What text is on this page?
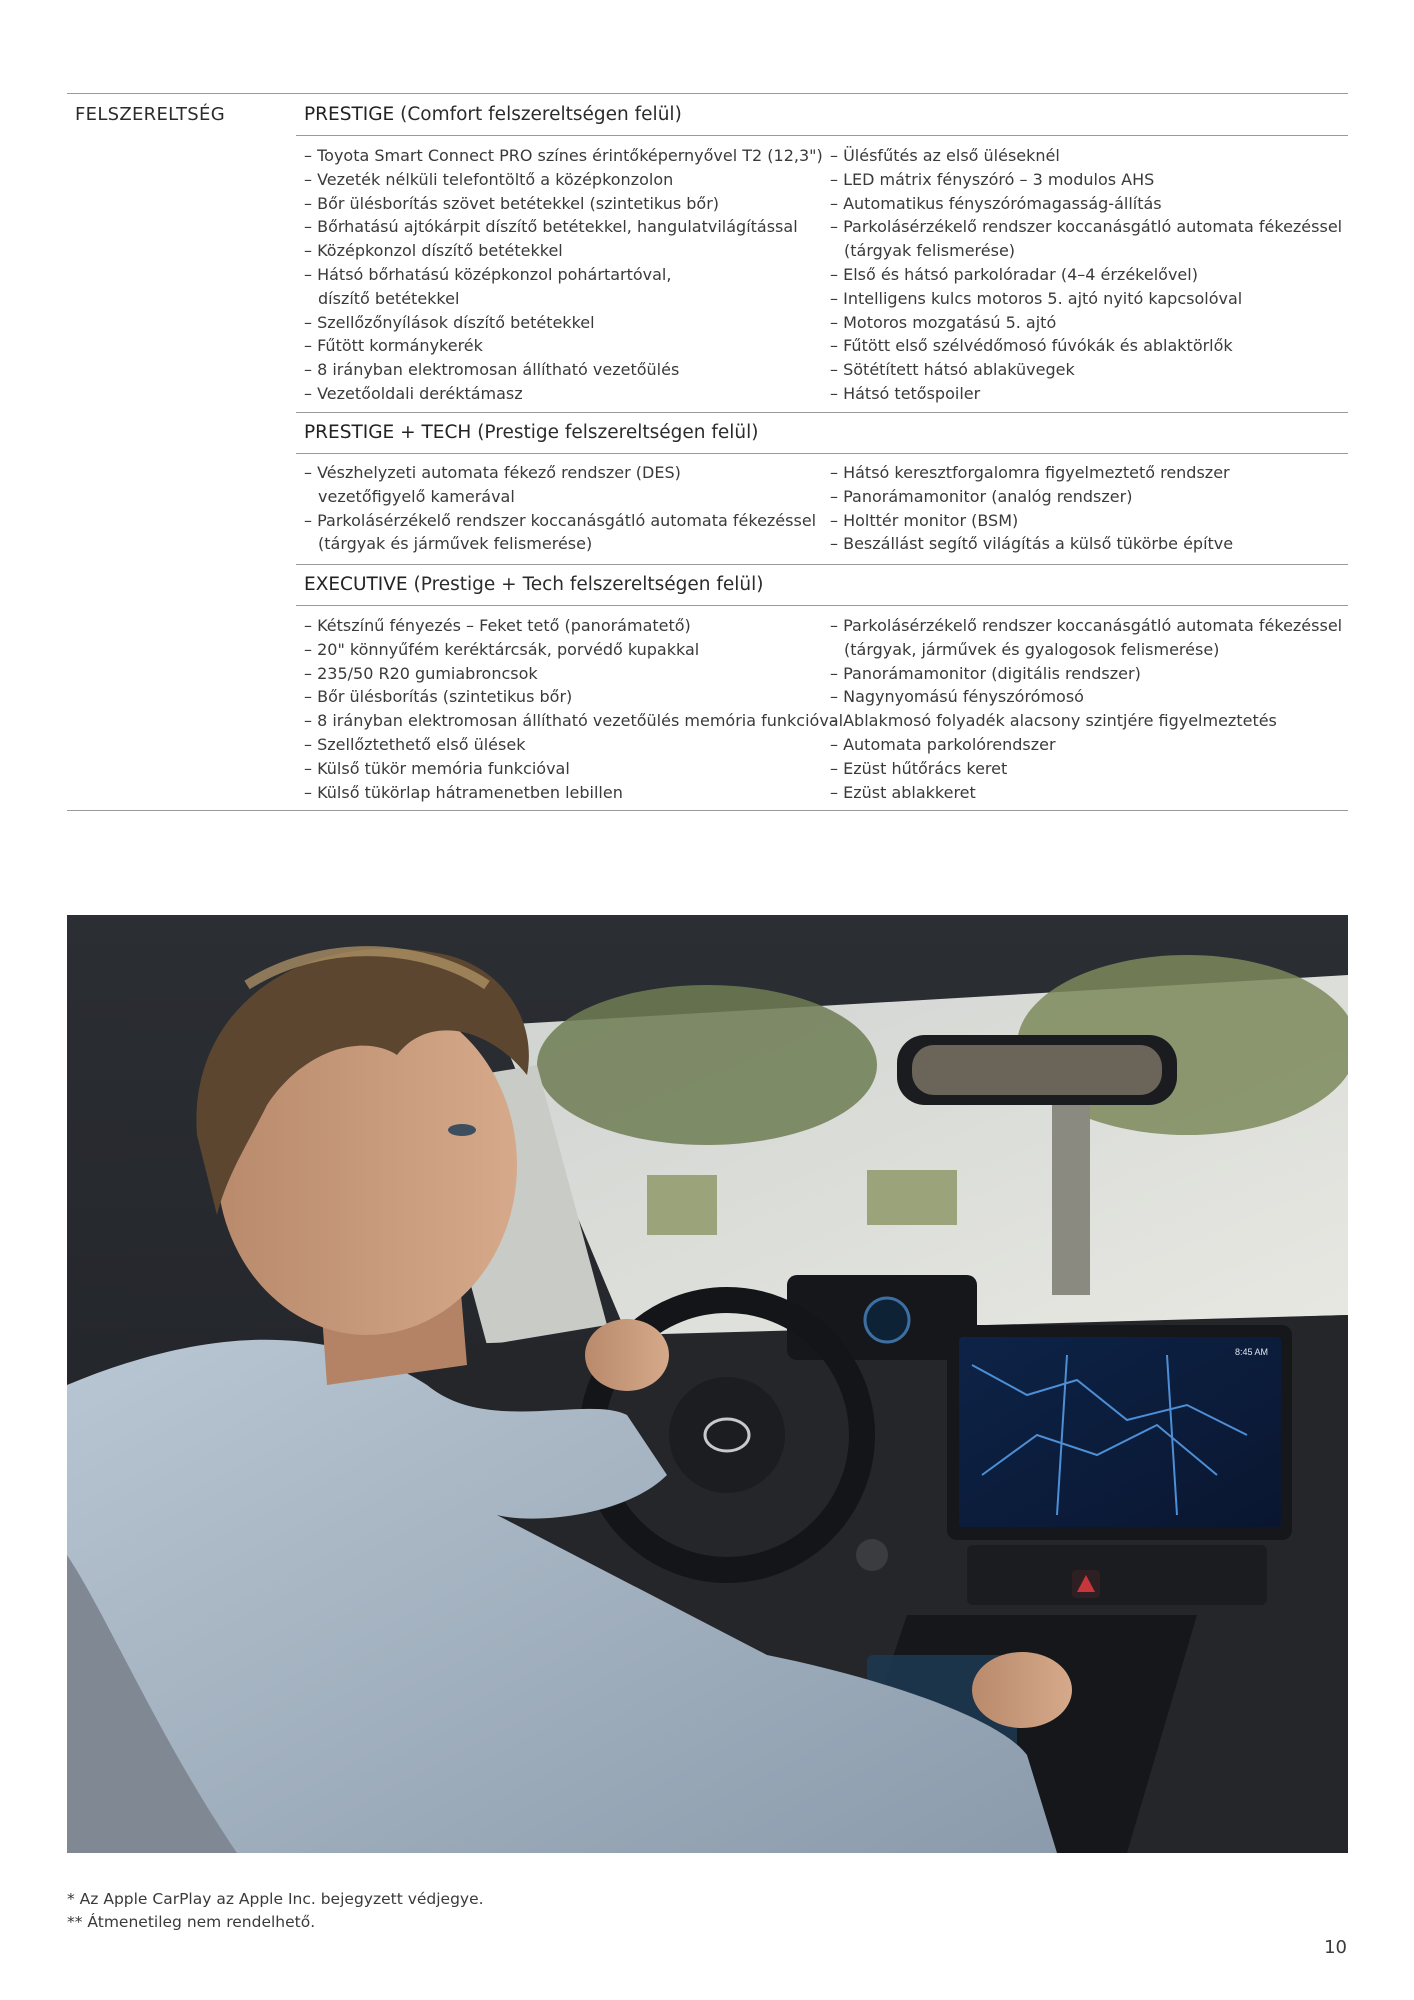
FELSZERELTSÉG	PRESTIGE (Comfort felszereltségen felül)
– Toyota Smart Connect PRO színes érintőképernyővel T2 (12,3")
– Vezeték nélküli telefontöltő a középkonzolon
– Bőr ülésborítás szövet betétekkel (szintetikus bőr)
– Bőrhatású ajtókárpit díszítő betétekkel, hangulatvilágítással
– Középkonzol díszítő betétekkel
– Hátsó bőrhatású középkonzol pohártartóval,
díszítő betétekkel
– Szellőzőnyílások díszítő betétekkel
– Fűtött kormánykerék
– 8 irányban elektromosan állítható vezetőülés
– Vezetőoldali deréktámasz
– Ülésfűtés az első üléseknél
– LED mátrix fényszóró – 3 modulos AHS
– Automatikus fényszórómagasság-állítás
– Parkolásérzékelő rendszer koccanásgátló automata fékezéssel
(tárgyak felismerése)
– Első és hátsó parkolóradar (4–4 érzékelővel)
– Intelligens kulcs motoros 5. ajtó nyitó kapcsolóval
– Motoros mozgatású 5. ajtó
– Fűtött első szélvédőmosó fúvókák és ablaktörlők
– Sötétített hátsó ablaküvegek
– Hátsó tetőspoiler
PRESTIGE + TECH (Prestige felszereltségen felül)
– Vészhelyzeti automata fékező rendszer (DES)
vezetőfigyelő kamerával
– Parkolásérzékelő rendszer koccanásgátló automata fékezéssel
(tárgyak és járművek felismerése)
– Hátsó keresztforgalomra figyelmeztető rendszer
– Panorámamonitor (analóg rendszer)
– Holttér monitor (BSM)
– Beszállást segítő világítás a külső tükörbe építve
EXECUTIVE (Prestige + Tech felszereltségen felül)
– Kétszínű fényezés – Feket tető (panorámatető)
– 20" könnyűfém keréktárcsák, porvédő kupakkal
– 235/50 R20 gumiabroncsok
– Bőr ülésborítás (szintetikus bőr)
– 8 irányban elektromosan állítható vezetőülés memória funkcióval
– Szellőztethető első ülések
– Külső tükör memória funkcióval
– Külső tükörlap hátramenetben lebillen
– Parkolásérzékelő rendszer koccanásgátló automata fékezéssel
(tárgyak, járművek és gyalogosok felismerése)
– Panorámamonitor (digitális rendszer)
– Nagynyomású fényszórómosó
– Ablakmosó folyadék alacsony szintjére figyelmeztetés
– Automata parkolórendszer
– Ezüst hűtőrács keret
– Ezüst ablakkeret
8:45 AM
* Az Apple CarPlay az Apple Inc. bejegyzett védjegye.
** Átmenetileg nem rendelhető.
10
